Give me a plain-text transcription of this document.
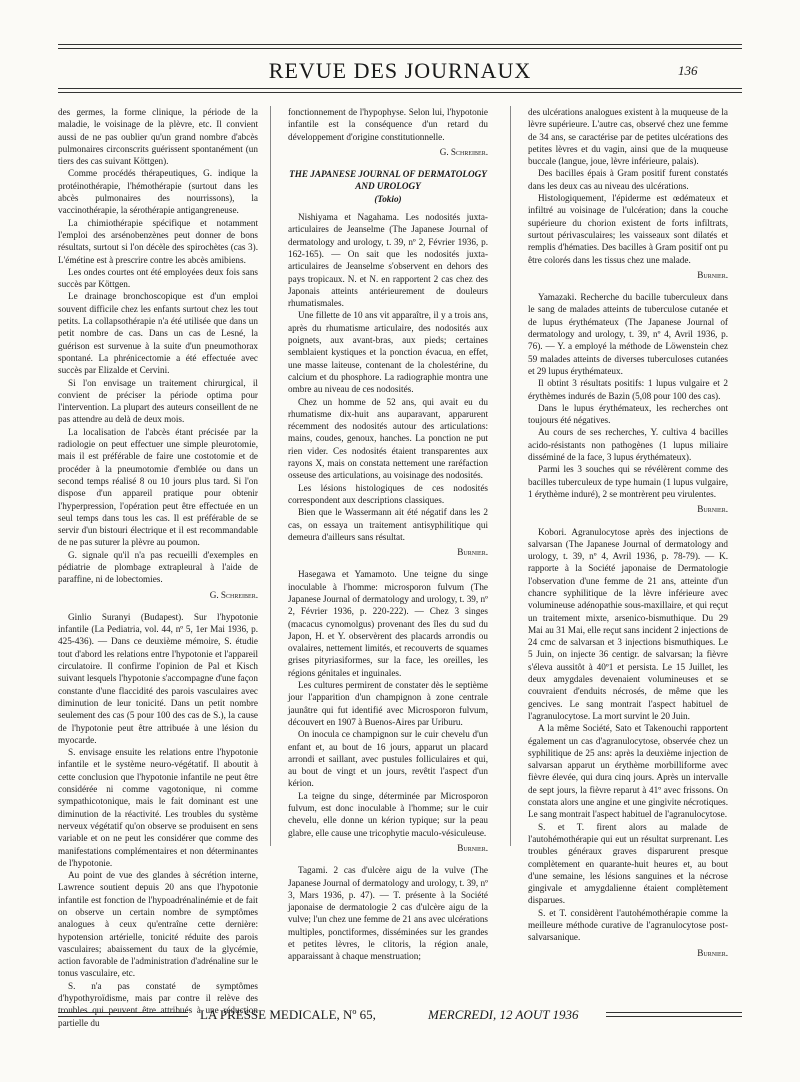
REVUE DES JOURNAUX	136

des germes, la forme clinique, la période de la maladie, le voisinage de la plèvre, etc. Il convient aussi de ne pas oublier qu'un grand nombre d'abcès pulmonaires circonscrits guérissent spontanément (un tiers des cas suivant Köttgen).

Comme procédés thérapeutiques, G. indique la protéinothérapie, l'hémothérapie (surtout dans les abcès pulmonaires des nourrissons), la vaccinothérapie, la sérothérapie antigangreneuse.

La chimiothérapie spécifique et notamment l'emploi des arsénobenzènes peut donner de bons résultats, surtout si l'on décèle des spirochètes (cas 3). L'émétine est à prescrire contre les abcès amibiens.

Les ondes courtes ont été employées deux fois sans succès par Köttgen.

Le drainage bronchoscopique est d'un emploi souvent difficile chez les enfants surtout chez les tout petits. La collapsothérapie n'a été utilisée que dans un petit nombre de cas. Dans un cas de Lesné, la guérison est survenue à la suite d'un pneumothorax spontané. La phrénicectomie a été effectuée avec succès par Elizalde et Cervini.

Si l'on envisage un traitement chirurgical, il convient de préciser la période optima pour l'intervention. La plupart des auteurs conseillent de ne pas attendre au delà de deux mois.

La localisation de l'abcès étant précisée par la radiologie on peut effectuer une simple pleurotomie, mais il est préférable de faire une costotomie et de procéder à la pneumotomie d'emblée ou dans un second temps réalisé 8 ou 10 jours plus tard. Si l'on dispose d'un appareil pratique pour obtenir l'hyperpression, l'opération peut être effectuée en un seul temps dans tous les cas. Il est préférable de se servir d'un bistouri électrique et il est recommandable de ne pas suturer la plèvre au poumon.

G. signale qu'il n'a pas recueilli d'exemples en pédiatrie de plombage extrapleural à l'aide de paraffine, ni de lobectomies.

G. Schreiber.

Ginlio Suranyi (Budapest). Sur l'hypotonie infantile (La Pediatria, vol. 44, nº 5, 1er Mai 1936, p. 425-436). — Dans ce deuxième mémoire, S. étudie tout d'abord les relations entre l'hypotonie et l'appareil circulatoire. Il confirme l'opinion de Pal et Kisch suivant lesquels l'hypotonie s'accompagne d'une façon constante d'une flaccidité des parois vasculaires avec diminution de leur tonicité. Dans un petit nombre seulement des cas (5 pour 100 des cas de S.), la cause de l'hypotonie peut être attribuée à une lésion du myocarde.

S. envisage ensuite les relations entre l'hypotonie infantile et le système neuro-végétatif. Il aboutit à cette conclusion que l'hypotonie infantile ne peut être considérée ni comme vagotonique, ni comme sympathicotonique, mais le fait dominant est une diminution de la réactivité. Les troubles du système nerveux végétatif qu'on observe se produisent en sens variable et on ne peut les considérer que comme des manifestations complémentaires et non déterminantes de l'hypotonie.

Au point de vue des glandes à sécrétion interne, Lawrence soutient depuis 20 ans que l'hypotonie infantile est fonction de l'hypoadrénalinémie et de fait on observe un certain nombre de symptômes analogues à ceux qu'entraîne cette dernière: hypotension artérielle, tonicité réduite des parois vasculaires; abaissement du taux de la glycémie, action favorable de l'administration d'adrénaline sur le tonus vasculaire, etc.

S. n'a pas constaté de symptômes d'hypothyroïdisme, mais par contre il relève des troubles qui peuvent être attribués à une réduction partielle du

fonctionnement de l'hypophyse. Selon lui, l'hypotonie infantile est la conséquence d'un retard du développement d'origine constitutionnelle.

G. Schreiber.
THE JAPANESE JOURNAL OF DERMATOLOGY AND UROLOGY
(Tokio)

Nishiyama et Nagahama. Les nodosités juxta-articulaires de Jeanselme (The Japanese Journal of dermatology and urology, t. 39, nº 2, Février 1936, p. 162-165). — On sait que les nodosités juxta-articulaires de Jeanselme s'observent en dehors des pays tropicaux. N. et N. en rapportent 2 cas chez des Japonais atteints antérieurement de douleurs rhumatismales.

Une fillette de 10 ans vit apparaître, il y a trois ans, après du rhumatisme articulaire, des nodosités aux poignets, aux avant-bras, aux pieds; certaines semblaient kystiques et la ponction évacua, en effet, une masse laiteuse, contenant de la cholestérine, du calcium et du phosphore. La radiographie montra une ombre au niveau de ces nodosités.

Chez un homme de 52 ans, qui avait eu du rhumatisme dix-huit ans auparavant, apparurent récemment des nodosités autour des articulations: mains, coudes, genoux, hanches. La ponction ne put rien vider. Ces nodosités étaient transparentes aux rayons X, mais on constata nettement une raréfaction osseuse des articulations, au voisinage des nodosités.

Les lésions histologiques de ces nodosités correspondent aux descriptions classiques.

Bien que le Wassermann ait été négatif dans les 2 cas, on essaya un traitement antisyphilitique qui demeura d'ailleurs sans résultat.

Burnier.

Hasegawa et Yamamoto. Une teigne du singe inoculable à l'homme: microsporon fulvum (The Japanese Journal of dermatology and urology, t. 39, nº 2, Février 1936, p. 220-222). — Chez 3 singes (macacus cynomolgus) provenant des îles du sud du Japon, H. et Y. observèrent des placards arrondis ou ovalaires, nettement limités, et recouverts de squames grises pityriasiformes, sur la face, les oreilles, les régions génitales et inguinales.

Les cultures permirent de constater dès le septième jour l'apparition d'un champignon à zone centrale jaunâtre qui fut identifié avec Microsporon fulvum, découvert en 1907 à Buenos-Aires par Uriburu.

On inocula ce champignon sur le cuir chevelu d'un enfant et, au bout de 16 jours, apparut un placard arrondi et saillant, avec pustules folliculaires et qui, au bout de vingt et un jours, revêtit l'aspect d'un kérion.

La teigne du singe, déterminée par Microsporon fulvum, est donc inoculable à l'homme; sur le cuir chevelu, elle donne un kérion typique; sur la peau glabre, elle cause une tricophytie maculo-vésiculeuse.

Burnier.

Tagami. 2 cas d'ulcère aigu de la vulve (The Japanese Journal of dermatology and urology, t. 39, nº 3, Mars 1936, p. 47). — T. présente à la Société japonaise de dermatologie 2 cas d'ulcère aigu de la vulve; l'un chez une femme de 21 ans avec ulcérations multiples, ponctiformes, disséminées sur les grandes et petites lèvres, le clitoris, la région anale, apparaissant à chaque menstruation;

des ulcérations analogues existent à la muqueuse de la lèvre supérieure. L'autre cas, observé chez une femme de 34 ans, se caractérise par de petites ulcérations des petites lèvres et du vagin, ainsi que de la muqueuse buccale (langue, joue, lèvre inférieure, palais).

Des bacilles épais à Gram positif furent constatés dans les deux cas au niveau des ulcérations.

Histologiquement, l'épiderme est œdémateux et infiltré au voisinage de l'ulcération; dans la couche supérieure du chorion existent de forts infiltrats, surtout périvasculaires; les vaisseaux sont dilatés et remplis d'hématies. Des bacilles à Gram positif ont pu être colorés dans les tissus chez une malade.

Burnier.

Yamazaki. Recherche du bacille tuberculeux dans le sang de malades atteints de tuberculose cutanée et de lupus érythémateux (The Japanese Journal of dermatology and urology, t. 39, nº 4, Avril 1936, p. 76). — Y. a employé la méthode de Löwenstein chez 59 malades atteints de diverses tuberculoses cutanées et 29 lupus érythémateux.

Il obtint 3 résultats positifs: 1 lupus vulgaire et 2 érythèmes indurés de Bazin (5,08 pour 100 des cas).

Dans le lupus érythémateux, les recherches ont toujours été négatives.

Au cours de ses recherches, Y. cultiva 4 bacilles acido-résistants non pathogènes (1 lupus miliaire disséminé de la face, 3 lupus érythémateux).

Parmi les 3 souches qui se révélèrent comme des bacilles tuberculeux de type humain (1 lupus vulgaire, 1 érythème induré), 2 se montrèrent peu virulentes.

Burnier.

Kobori. Agranulocytose après des injections de salvarsan (The Japanese Journal of dermatology and urology, t. 39, nº 4, Avril 1936, p. 78-79). — K. rapporte à la Société japonaise de Dermatologie l'observation d'une femme de 21 ans, atteinte d'un chancre syphilitique de la lèvre inférieure avec volumineuse adénopathie sous-maxillaire, et qui reçut un traitement mixte, arsenico-bismuthique. Du 29 Mai au 31 Mai, elle reçut sans incident 2 injections de 24 cmc de salvarsan et 3 injections bismuthiques. Le 5 Juin, on injecte 36 centigr. de salvarsan; la fièvre s'éleva aussitôt à 40º1 et persista. Le 15 Juillet, les deux amygdales devenaient volumineuses et se couvraient d'enduits nécrosés, de même que les gencives. Le sang montrait l'aspect habituel de l'agranulocytose. La mort survint le 20 Juin.

A la même Société, Sato et Takenouchi rapportent également un cas d'agranulocytose, observée chez un syphilitique de 25 ans: après la deuxième injection de salvarsan apparut un érythème morbilliforme avec fièvre élevée, qui dura cinq jours. Après un intervalle de sept jours, la fièvre reparut à 41º avec frissons. On constata alors une angine et une gingivite nécrotiques. Le sang montrait l'aspect habituel de l'agranulocytose.

S. et T. firent alors au malade de l'autohémothérapie qui eut un résultat surprenant. Les troubles généraux graves disparurent presque complètement en quarante-huit heures et, au bout d'une semaine, les lésions sanguines et la nécrose gingivale et amygdalienne étaient complètement disparues.

S. et T. considèrent l'autohémothérapie comme la meilleure méthode curative de l'agranulocytose post-salvarsanique.

Burnier.
LA PRESSE MEDICALE, Nº 65,	MERCREDI, 12 AOUT 1936
